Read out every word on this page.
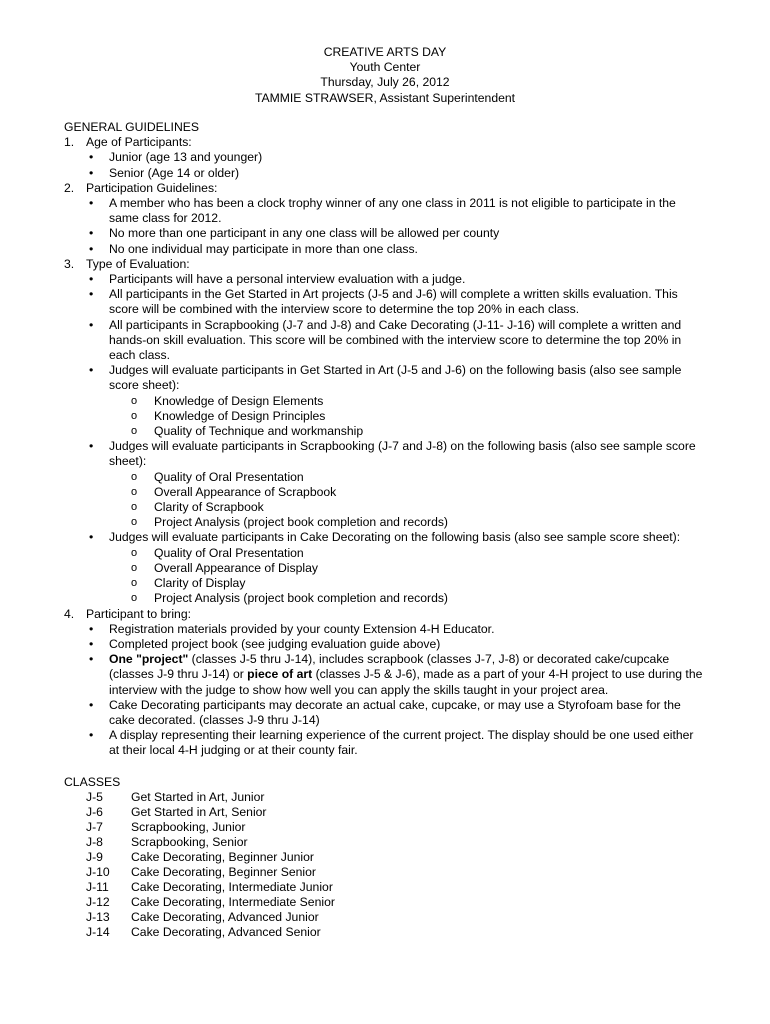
CREATIVE ARTS DAY
Youth Center
Thursday, July 26, 2012
TAMMIE STRAWSER, Assistant Superintendent
GENERAL GUIDELINES
1. Age of Participants:
• Junior (age 13 and younger)
• Senior (Age 14 or older)
2. Participation Guidelines:
• A member who has been a clock trophy winner of any one class in 2011 is not eligible to participate in the same class for 2012.
• No more than one participant in any one class will be allowed per county
• No one individual may participate in more than one class.
3. Type of Evaluation:
• Participants will have a personal interview evaluation with a judge.
• All participants in the Get Started in Art projects (J-5 and J-6) will complete a written skills evaluation. This score will be combined with the interview score to determine the top 20% in each class.
• All participants in Scrapbooking (J-7 and J-8) and Cake Decorating (J-11- J-16) will complete a written and hands-on skill evaluation. This score will be combined with the interview score to determine the top 20% in each class.
• Judges will evaluate participants in Get Started in Art (J-5 and J-6) on the following basis (also see sample score sheet):
o Knowledge of Design Elements
o Knowledge of Design Principles
o Quality of Technique and workmanship
• Judges will evaluate participants in Scrapbooking (J-7 and J-8) on the following basis (also see sample score sheet):
o Quality of Oral Presentation
o Overall Appearance of Scrapbook
o Clarity of Scrapbook
o Project Analysis (project book completion and records)
• Judges will evaluate participants in Cake Decorating on the following basis (also see sample score sheet):
o Quality of Oral Presentation
o Overall Appearance of Display
o Clarity of Display
o Project Analysis (project book completion and records)
4. Participant to bring:
• Registration materials provided by your county Extension 4-H Educator.
• Completed project book (see judging evaluation guide above)
• One "project" (classes J-5 thru J-14), includes scrapbook (classes J-7, J-8) or decorated cake/cupcake (classes J-9 thru J-14) or piece of art (classes J-5 & J-6), made as a part of your 4-H project to use during the interview with the judge to show how well you can apply the skills taught in your project area.
• Cake Decorating participants may decorate an actual cake, cupcake, or may use a Styrofoam base for the cake decorated. (classes J-9 thru J-14)
• A display representing their learning experience of the current project. The display should be one used either at their local 4-H judging or at their county fair.
CLASSES
J-5 Get Started in Art, Junior
J-6 Get Started in Art, Senior
J-7 Scrapbooking, Junior
J-8 Scrapbooking, Senior
J-9 Cake Decorating, Beginner Junior
J-10 Cake Decorating, Beginner Senior
J-11 Cake Decorating, Intermediate Junior
J-12 Cake Decorating, Intermediate Senior
J-13 Cake Decorating, Advanced Junior
J-14 Cake Decorating, Advanced Senior
